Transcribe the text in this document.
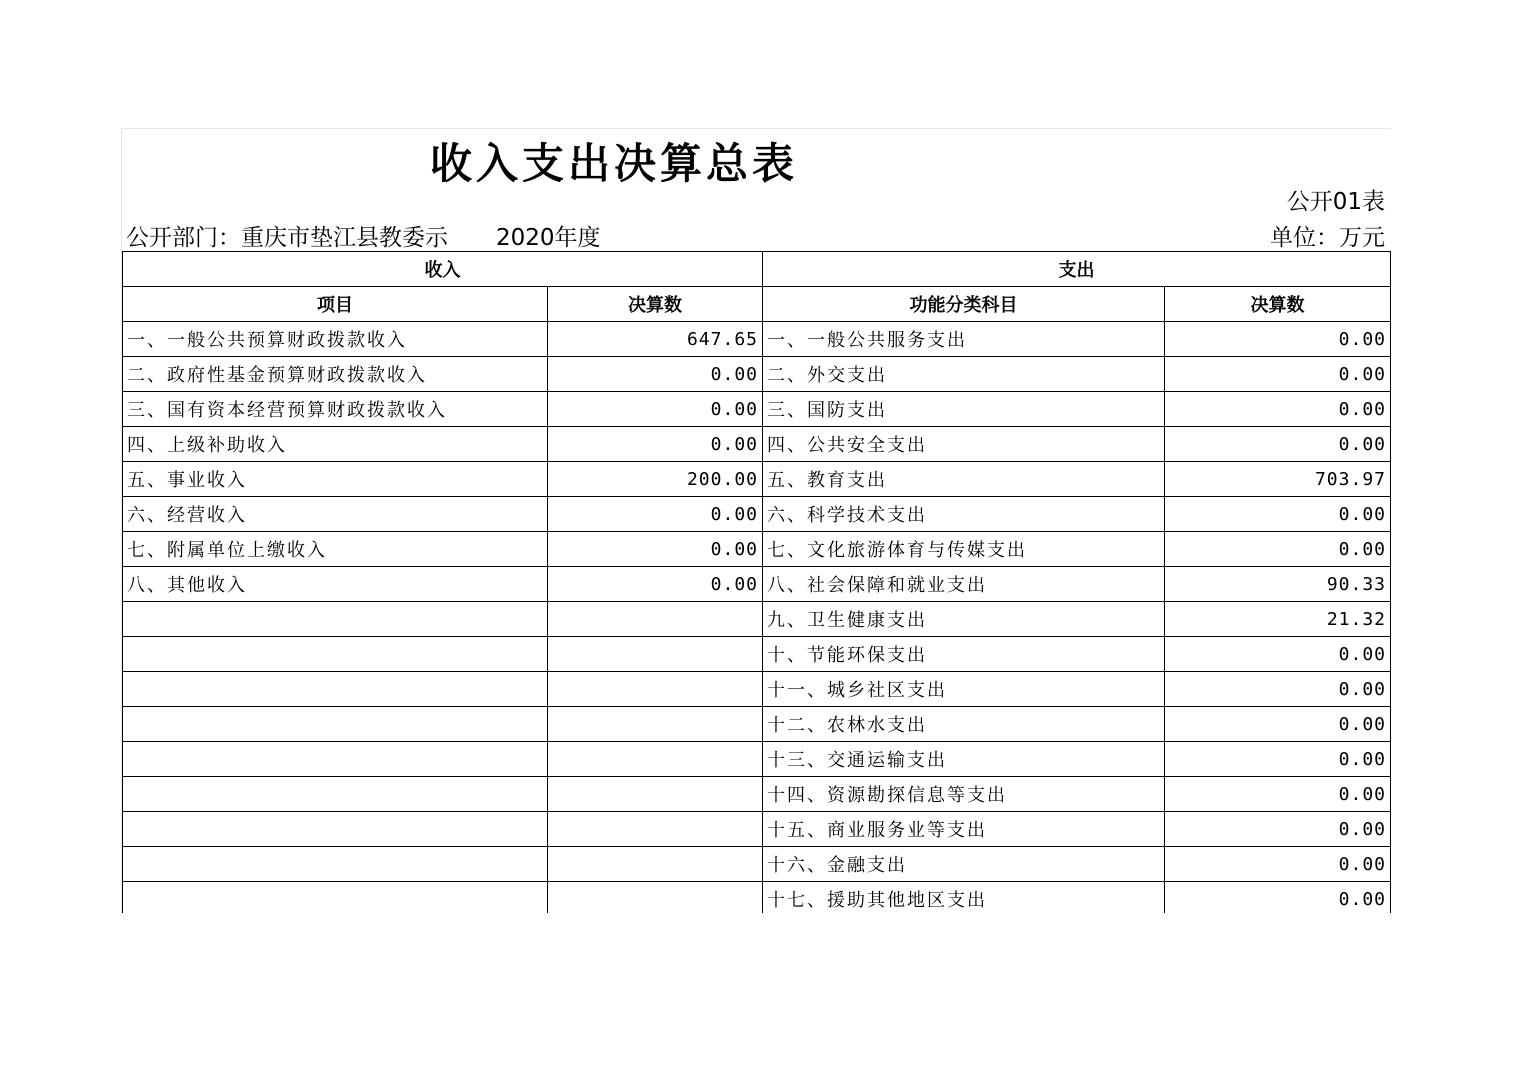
收入支出决算总表
公开01表
公开部门：重庆市垫江县教委示 2020年度	单位：万元
收入		支出	
项目	决算数	功能分类科目	决算数
一、一般公共预算财政拨款收入	647.65	一、一般公共服务支出	0.00
二、政府性基金预算财政拨款收入	0.00	二、外交支出	0.00
三、国有资本经营预算财政拨款收入	0.00	三、国防支出	0.00
四、上级补助收入	0.00	四、公共安全支出	0.00
五、事业收入	200.00	五、教育支出	703.97
六、经营收入	0.00	六、科学技术支出	0.00
七、附属单位上缴收入	0.00	七、文化旅游体育与传媒支出	0.00
八、其他收入	0.00	八、社会保障和就业支出	90.33
		九、卫生健康支出	21.32
		十、节能环保支出	0.00
		十一、城乡社区支出	0.00
		十二、农林水支出	0.00
		十三、交通运输支出	0.00
		十四、资源勘探信息等支出	0.00
		十五、商业服务业等支出	0.00
		十六、金融支出	0.00
		十七、援助其他地区支出	0.00
